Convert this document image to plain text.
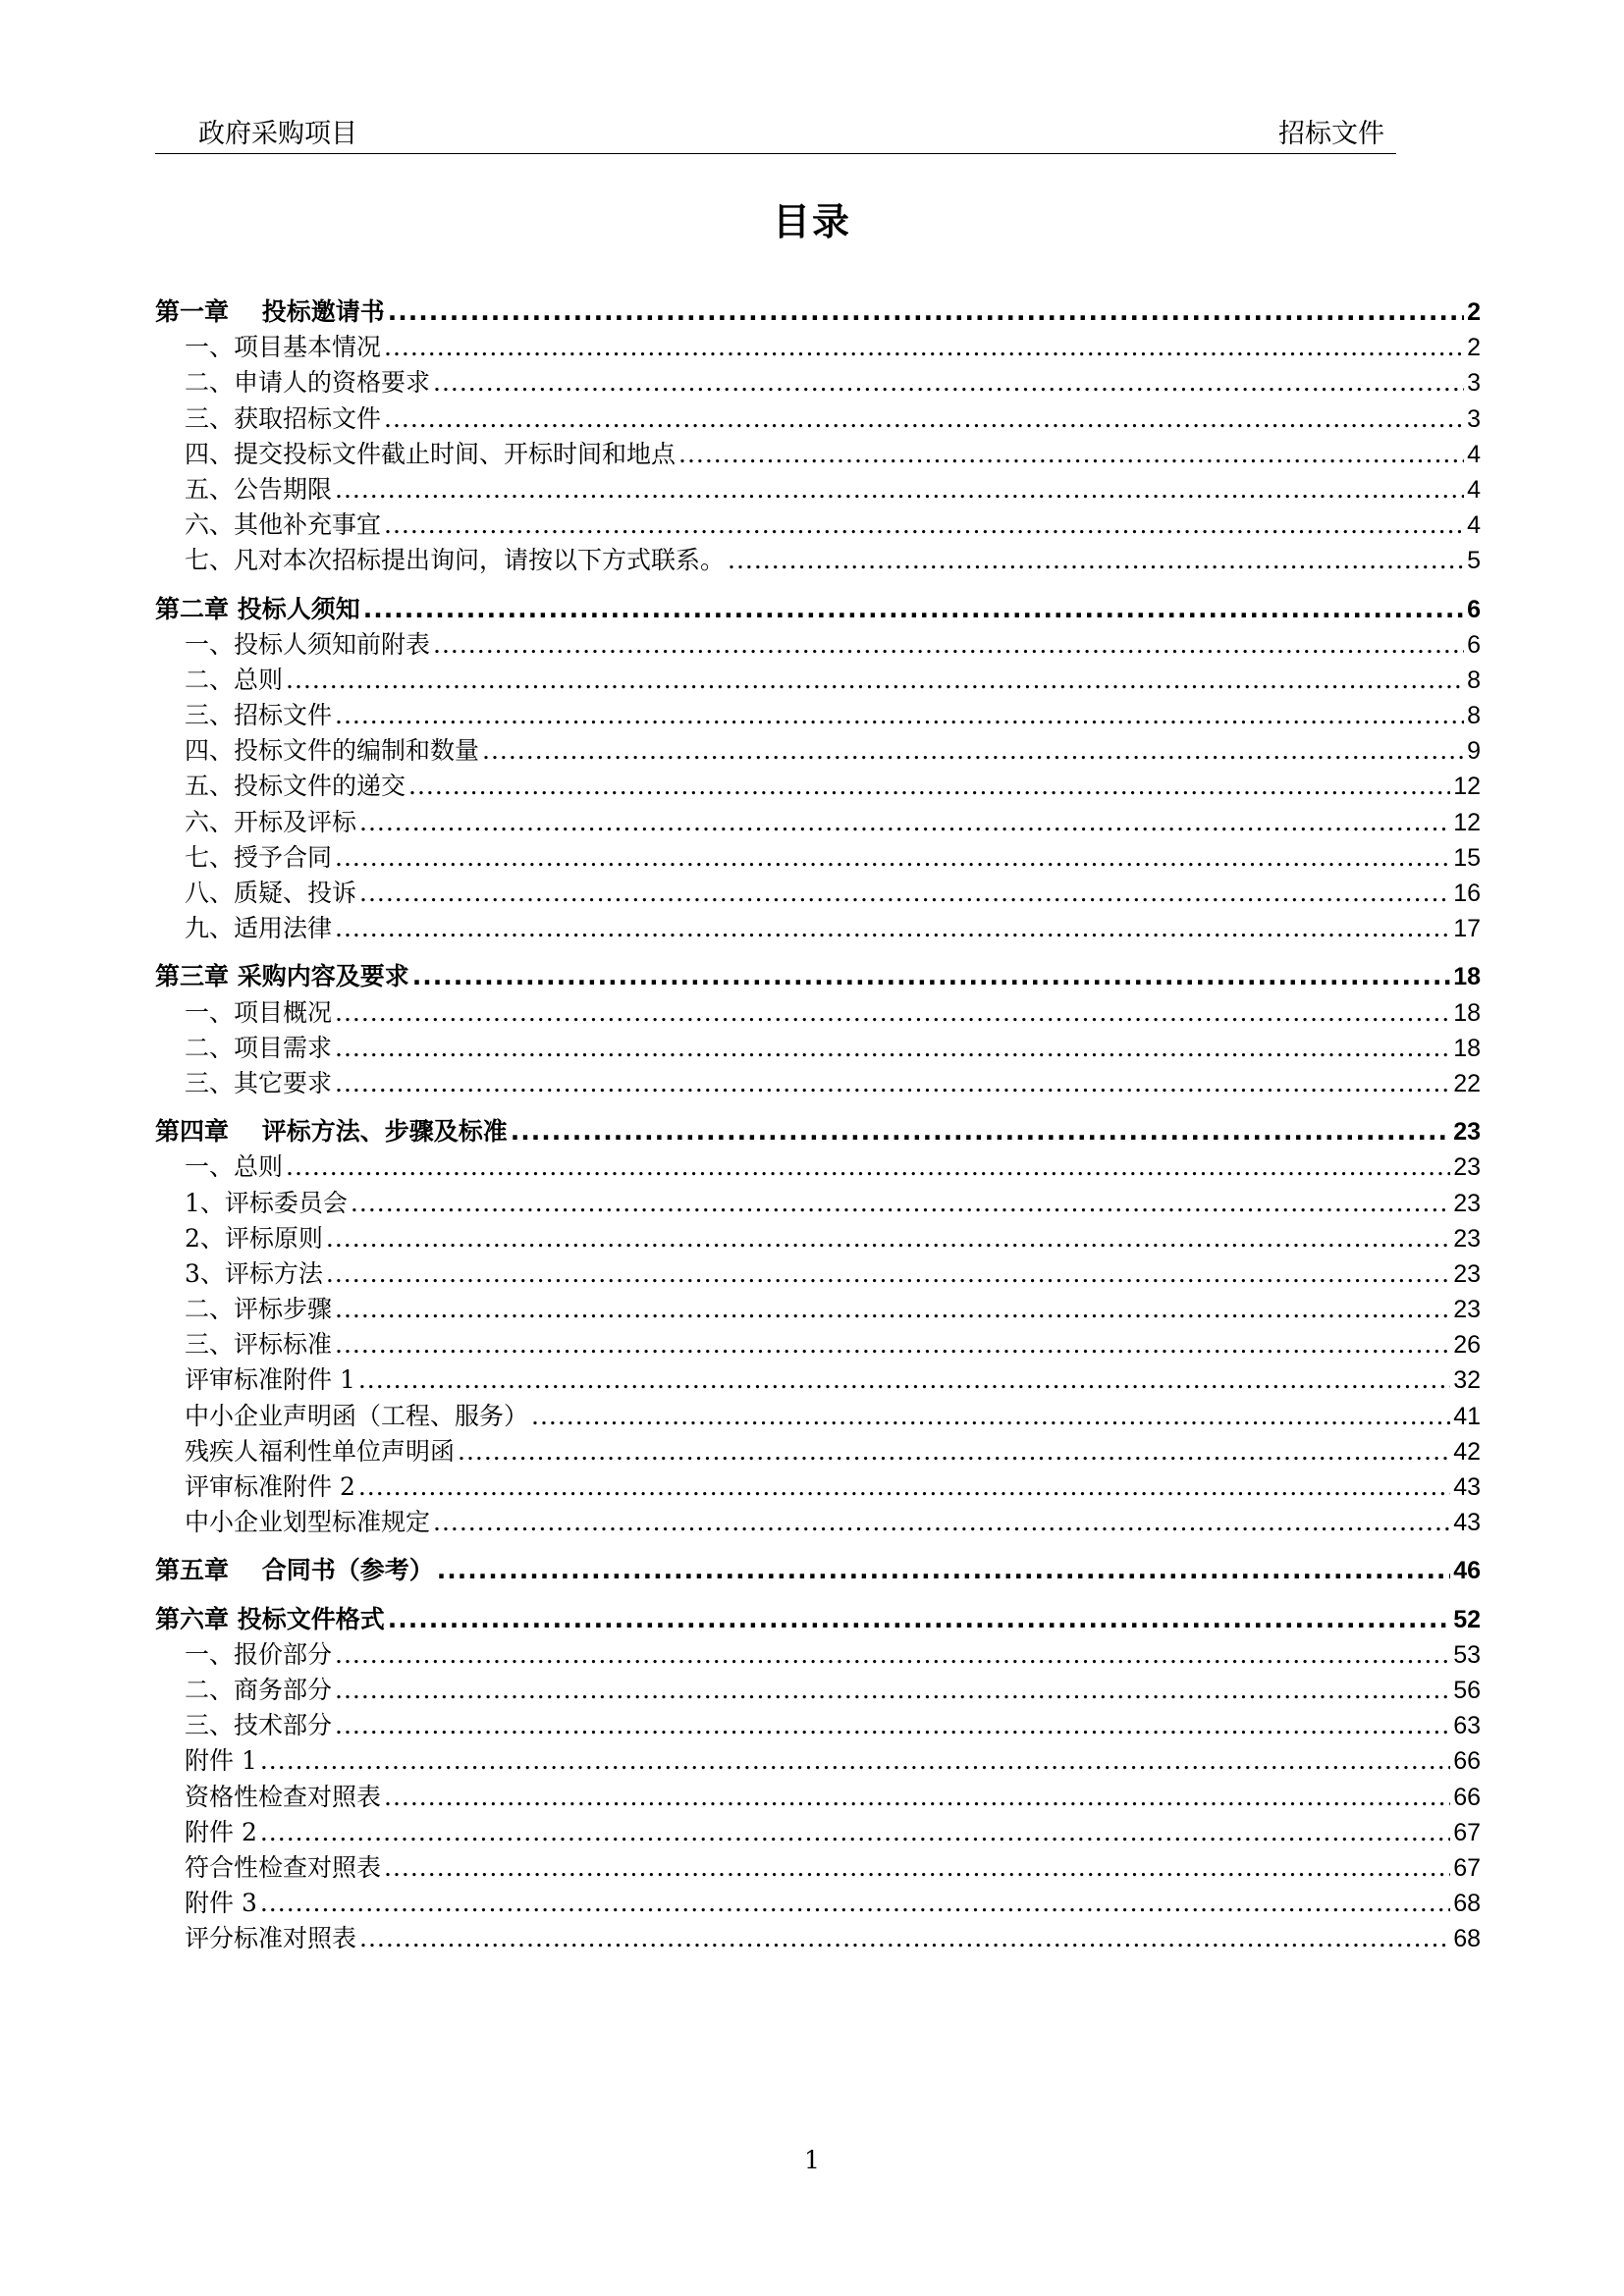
政府采购项目	招标文件
目录
第一章　 投标邀请书 .....	2
一、项目基本情况 .....	2
二、申请人的资格要求 .....	3
三、获取招标文件 .....	3
四、提交投标文件截止时间、开标时间和地点 .....	4
五、公告期限 .....	4
六、其他补充事宜 .....	4
七、凡对本次招标提出询问，请按以下方式联系。 .....	5
第二章 投标人须知 .....	6
一、投标人须知前附表 .....	6
二、总则 .....	8
三、招标文件 .....	8
四、投标文件的编制和数量 .....	9
五、投标文件的递交 .....	12
六、开标及评标 .....	12
七、授予合同 .....	15
八、质疑、投诉 .....	16
九、适用法律 .....	17
第三章 采购内容及要求 .....	18
一、项目概况 .....	18
二、项目需求 .....	18
三、其它要求 .....	22
第四章　 评标方法、步骤及标准 .....	23
一、总则 .....	23
1、评标委员会 .....	23
2、评标原则 .....	23
3、评标方法 .....	23
二、评标步骤 .....	23
三、评标标准 .....	26
评审标准附件 1 .....	32
中小企业声明函（工程、服务） .....	41
残疾人福利性单位声明函 .....	42
评审标准附件 2 .....	43
中小企业划型标准规定 .....	43
第五章　 合同书（参考） .....	46
第六章 投标文件格式 .....	52
一、报价部分 .....	53
二、商务部分 .....	56
三、技术部分 .....	63
附件 1 .....	66
资格性检查对照表 .....	66
附件 2 .....	67
符合性检查对照表 .....	67
附件 3 .....	68
评分标准对照表 .....	68
1
